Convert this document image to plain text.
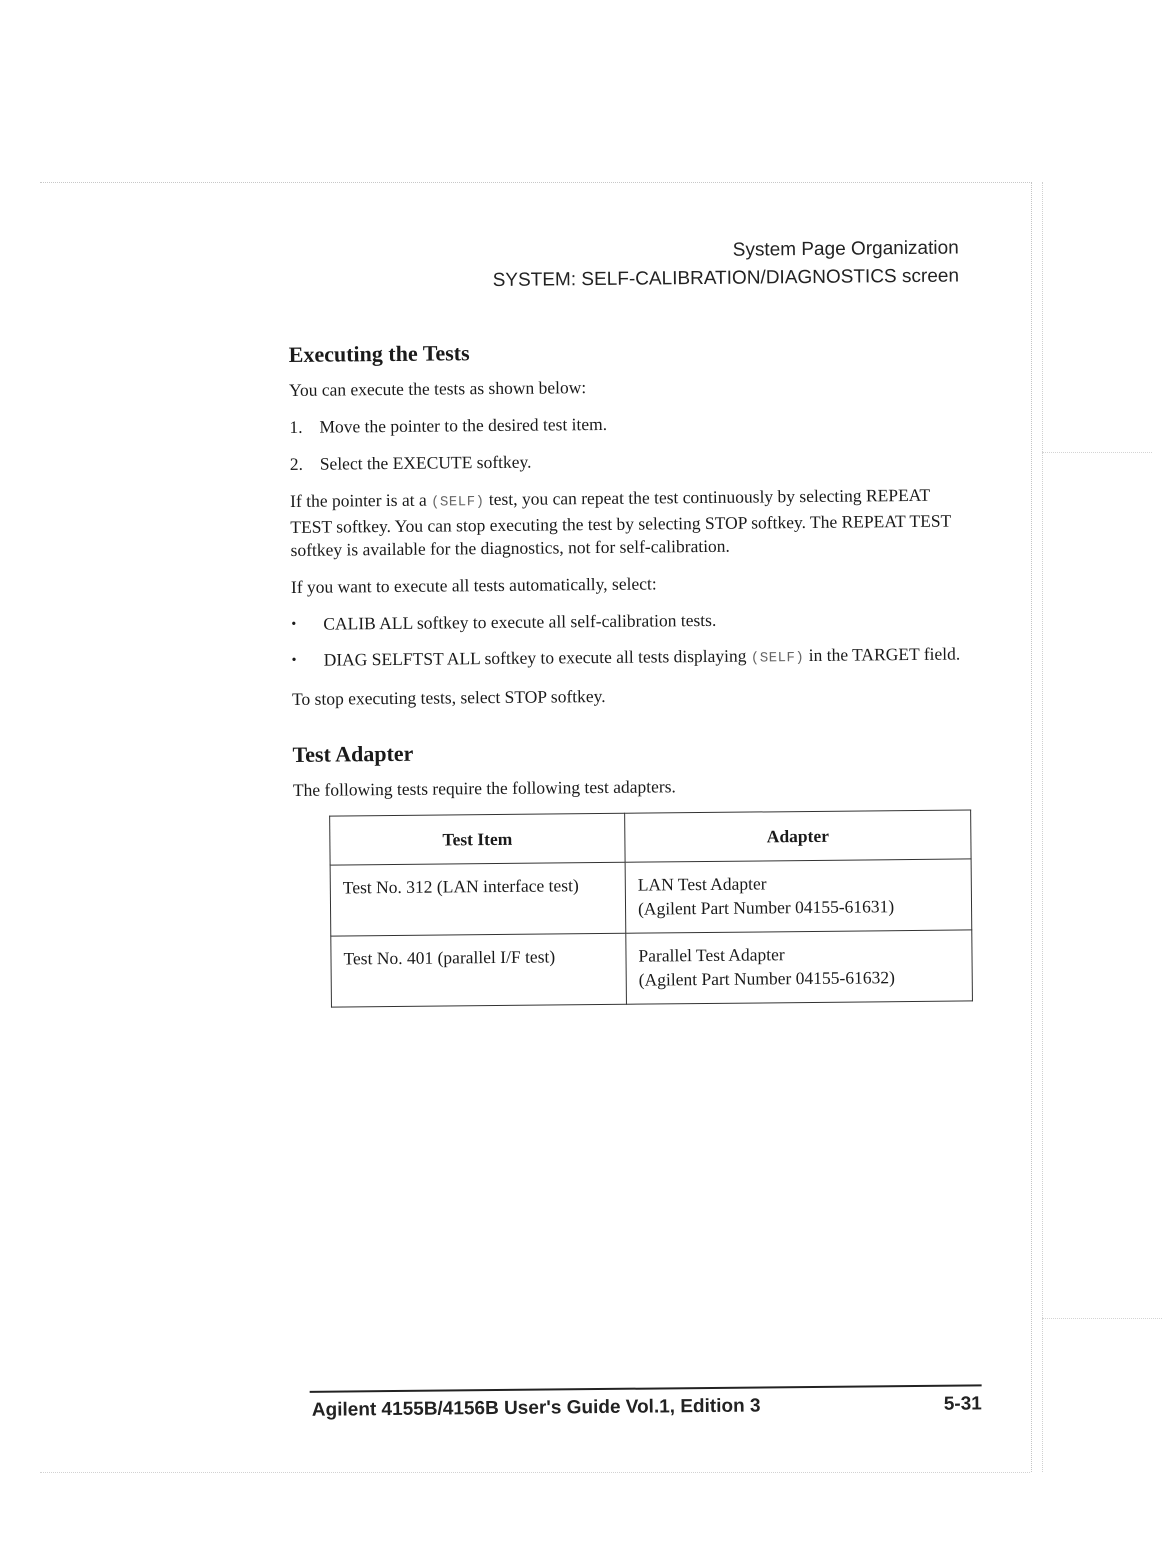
System Page Organization
SYSTEM: SELF-CALIBRATION/DIAGNOSTICS screen
Executing the Tests

You can execute the tests as shown below:

1. Move the pointer to the desired test item.
2. Select the EXECUTE softkey.

If the pointer is at a (SELF) test, you can repeat the test continuously by selecting REPEAT TEST softkey. You can stop executing the test by selecting STOP softkey. The REPEAT TEST softkey is available for the diagnostics, not for self-calibration.

If you want to execute all tests automatically, select:

•	CALIB ALL softkey to execute all self-calibration tests.
•	DIAG SELFTST ALL softkey to execute all tests displaying (SELF) in the TARGET field.

To stop executing tests, select STOP softkey.

Test Adapter

The following tests require the following test adapters.

Test Item	Adapter
Test No. 312 (LAN interface test)	LAN Test Adapter
(Agilent Part Number 04155-61631)

Test No. 401 (parallel I/F test)	Parallel Test Adapter
(Agilent Part Number 04155-61632)
Agilent 4155B/4156B User's Guide Vol.1, Edition 3	5-31
